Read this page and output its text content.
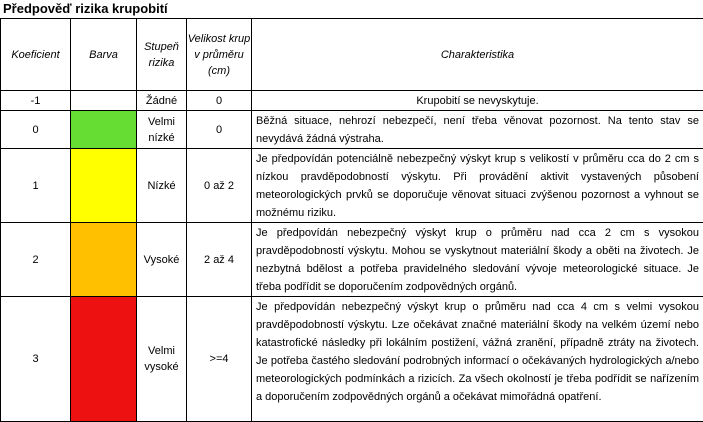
Předpověď rizika krupobití
Koeficient	Barva	Stupeň rizika	Velikost krup v průměru (cm)	Charakteristika
-1		Žádné	0	Krupobití se nevyskytuje.
0		Velmi nízké	0	Běžná situace, nehrozí nebezpečí, není třeba věnovat pozornost. Na tento stav se nevydává žádná výstraha.
1		Nízké	0 až 2	Je předpovídán potenciálně nebezpečný výskyt krup s velikostí v průměru cca do 2 cm s nízkou pravděpodobností výskytu. Při provádění aktivit vystavených působení meteorologických prvků se doporučuje věnovat situaci zvýšenou pozornost a vyhnout se možnému riziku.
2		Vysoké	2 až 4	Je předpovídán nebezpečný výskyt krup o průměru nad cca 2 cm s vysokou pravděpodobností výskytu. Mohou se vyskytnout materiální škody a oběti na životech. Je nezbytná bdělost a potřeba pravidelného sledování vývoje meteorologické situace. Je třeba podřídit se doporučením zodpovědných orgánů.
3		Velmi vysoké	>=4	Je předpovídán nebezpečný výskyt krup o průměru nad cca 4 cm s velmi vysokou pravděpodobností výskytu. Lze očekávat značné materiální škody na velkém území nebo katastrofické následky při lokálním postižení, vážná zranění, případně ztráty na životech. Je potřeba častého sledování podrobných informací o očekávaných hydrologických a/nebo meteorologických podmínkách a rizicích. Za všech okolností je třeba podřídit se nařízením a doporučením zodpovědných orgánů a očekávat mimořádná opatření.
